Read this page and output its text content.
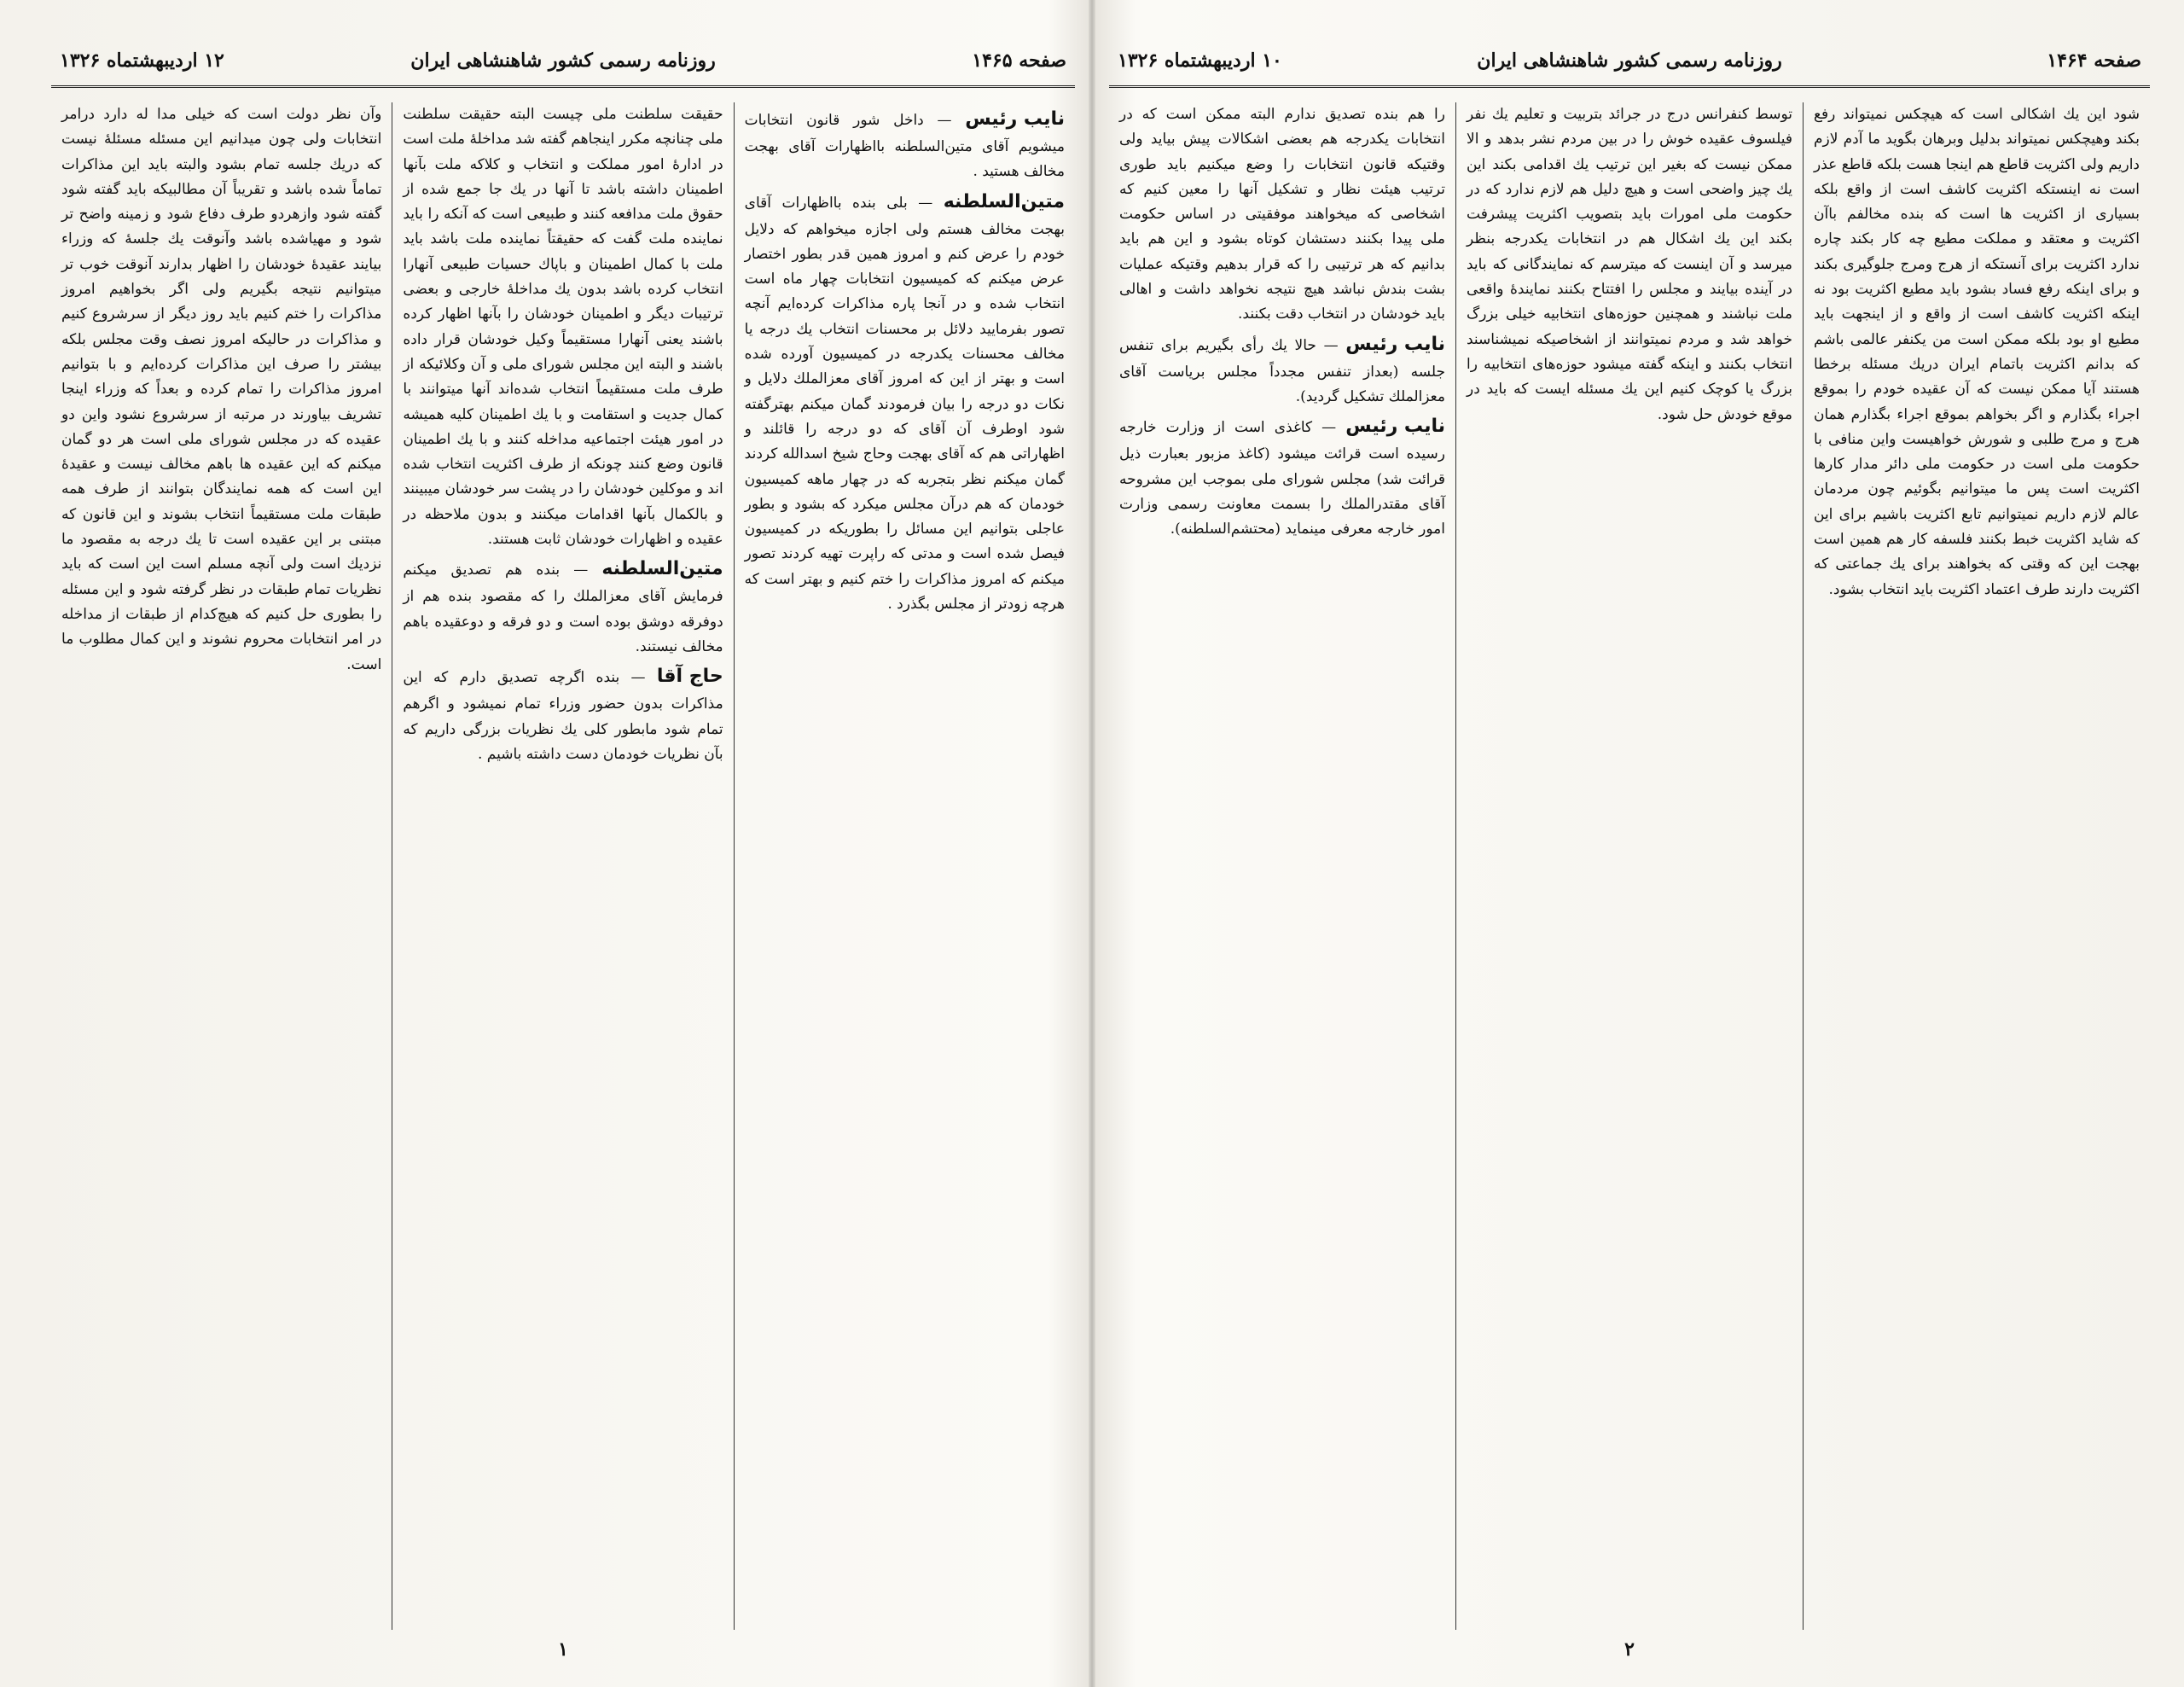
صفحه ۱۴۶۵
روزنامه رسمی کشور شاهنشاهی ایران
۱۲ اردیبهشتماه ۱۳۲۶

نایب رئیس — داخل شور قانون انتخابات میشویم آقای متین‌السلطنه بااظهارات آقای بهجت مخالف هستید .

متین‌السلطنه — بلی بنده بااظهارات آقای بهجت مخالف هستم ولی اجازه میخواهم که دلایل خودم را عرض کنم و امروز همین قدر بطور اختصار عرض میکنم که کمیسیون انتخابات چهار ماه است انتخاب شده و در آنجا پاره مذاکرات کرده‌ایم آنچه تصور بفرمایید دلائل بر محسنات انتخاب یك درجه یا مخالف محسنات یکدرجه در کمیسیون آورده شده است و بهتر از این که امروز آقای معزالملك دلایل و نکات دو درجه را بیان فرمودند گمان میکنم بهترگفته شود اوطرف آن آقای که دو درجه را قائلند و اظهاراتی هم که آقای بهجت وحاج شیخ اسدالله کردند گمان میکنم نظر بتجربه که در چهار ماهه کمیسیون خودمان که هم درآن مجلس میکرد که بشود و بطور عاجلی بتوانیم این مسائل را بطوریکه در کمیسیون فیصل شده است و مدتی که راپرت تهیه کردند تصور میکنم که امروز مذاکرات را ختم کنیم و بهتر است که هرچه زودتر از مجلس بگذرد .

حقیقت سلطنت ملی چیست البته حقیقت سلطنت ملی چنانچه مکرر اینجاهم گفته شد مداخلهٔ ملت است در ادارهٔ امور مملکت و انتخاب و کلاکه ملت بآنها اطمینان داشته باشد تا آنها در یك جا جمع شده از حقوق ملت مدافعه کنند و طبیعی است که آنکه را باید نماینده ملت گفت که حقیقتاً نماینده ملت باشد باید ملت با کمال اطمینان و باپاك حسیات طبیعی آنهارا انتخاب کرده باشد بدون یك مداخلهٔ خارجی و بعضی ترتیبات دیگر و اطمینان خودشان را بآنها اظهار کرده باشند یعنی آنهارا مستقیماً وکیل خودشان قرار داده باشند و البته این مجلس شورای ملی و آن وکلائیکه از طرف ملت مستقیماً انتخاب شده‌اند آنها میتوانند با کمال جدیت و استقامت و با یك اطمینان کلیه همیشه در امور هیئت اجتماعیه مداخله کنند و با یك اطمینان قانون وضع کنند چونکه از طرف اکثریت انتخاب شده اند و موکلین خودشان را در پشت سر خودشان میبینند و بالکمال بآنها اقدامات میکنند و بدون ملاحظه در عقیده و اظهارات خودشان ثابت هستند.

متین‌السلطنه — بنده‌ هم تصدیق میکنم فرمایش آقای معزالملك را که مقصود بنده هم از دوفرقه دوشق بوده است و دو فرقه و دوعقیده باهم مخالف نیستند.

حاج آقا — بنده اگرچه تصدیق دارم که این مذاکرات بدون حضور وزراء تمام نمیشود و اگرهم تمام شود مابطور کلی یك نظریات بزرگی داریم که بآن نظریات خودمان دست داشته باشیم .

وآن نظر دولت است که خیلی مدا له دارد درامر انتخابات ولی چون میدانیم این مسئله مسئلهٔ نیست که دریك جلسه تمام بشود والبته باید این مذاکرات تماماً شده باشد و تقریباً آن مطالبیکه باید گفته شود گفته شود وازهردو طرف دفاع شود و زمینه واضح تر شود و مهیاشده باشد وآنوقت یك جلسهٔ که وزراء بیایند عقیدهٔ خودشان را اظهار بدارند آنوقت خوب تر میتوانیم نتیجه بگیریم ولی اگر بخواهیم امروز مذاکرات را ختم کنیم باید روز دیگر از سرشروع کنیم و مذاکرات در حالیکه امروز نصف وقت مجلس بلکه بیشتر را صرف این مذاکرات کرده‌ایم و با بتوانیم امروز مذاکرات را تمام کرده و بعداً که وزراء اینجا تشریف بیاورند در مرتبه از سرشروع نشود واین دو عقیده که در مجلس شورای ملی است هر دو گمان میکنم که این عقیده ها باهم مخالف نیست و عقیدهٔ این است که همه نمایندگان بتوانند از طرف همه طبقات ملت مستقیماً انتخاب بشوند و این قانون که مبتنی بر این عقیده است تا یك درجه به مقصود ما نزدیك است ولی آنچه مسلم است این است که باید نظریات تمام طبقات در نظر گرفته شود و این مسئله را بطوری حل کنیم که هیچ‌کدام از طبقات از مداخله در امر انتخابات محروم نشوند و این کمال مطلوب ما است.

۱
صفحه ۱۴۶۴
روزنامه رسمی کشور شاهنشاهی ایران
۱۰ اردیبهشتماه ۱۳۲۶

شود این یك اشکالی است که هیچکس نمیتواند رفع بکند وهیچکس نمیتواند بدلیل وبرهان بگوید ما آدم لازم داریم ولی اکثریت قاطع هم اینجا هست بلکه قاطع عذر است نه اینستکه اکثریت کاشف است از واقع بلکه بسیاری از اکثریت ها است که بنده مخالفم باآن اکثریت و معتقد و مملکت مطیع چه کار بکند چاره ندارد اکثریت برای آنستکه از هرج ومرج جلوگیری بکند و برای اینکه رفع فساد بشود باید مطیع اکثریت بود نه اینکه اکثریت کاشف است از واقع و از اینجهت باید مطیع او بود بلکه ممکن است من یکنفر عالمی باشم که بدانم اکثریت باتمام ایران دریك مسئله برخطا هستند آیا ممکن نیست که آن عقیده خودم را بموقع اجراء بگذارم و اگر بخواهم بموقع اجراء بگذارم همان هرج و مرج طلبی و شورش خواهیست واین منافی با حکومت ملی است در حکومت ملی دائر مدار کارها اکثریت است پس ما میتوانیم بگوئیم چون مردمان عالم لازم داریم نمیتوانیم تابع اکثریت باشیم برای این که شاید اکثریت خبط بکنند فلسفه کار هم همین است بهجت این که وقتی که بخواهند برای یك جماعتی که اکثریت دارند طرف اعتماد اکثریت باید انتخاب بشود.

توسط کنفرانس درج در جرائد بتربیت و تعلیم یك نفر فیلسوف عقیده خوش را در بین مردم نشر بدهد و الا ممکن نیست که بغیر این ترتیب یك اقدامی بکند این یك چیز واضحی است و هیچ دلیل هم لازم ندارد که در حکومت ملی امورات باید بتصویب اکثریت پیشرفت بکند این یك اشکال هم در انتخابات یکدرجه بنظر میرسد و آن اینست که میترسم که نمایندگانی که باید در آینده بیایند و مجلس را افتتاح بکنند نمایندهٔ واقعی ملت نباشند و همچنین حوزه‌های انتخابیه خیلی بزرگ خواهد شد و مردم نمیتوانند از اشخاصیکه نمیشناسند انتخاب بکنند و اینکه گفته میشود حوزه‌های انتخابیه را بزرگ یا کوچک کنیم این یك مسئله ایست که باید در موقع خودش حل شود.

را هم بنده تصدیق ندارم البته ممکن است که در انتخابات یکدرجه هم بعضی اشکالات پیش بیاید ولی وقتیکه قانون انتخابات را وضع میکنیم باید طوری ترتیب هیئت نظار و تشکیل آنها را معین کنیم که اشخاصی که میخواهند موفقیتی در اساس حکومت ملی پیدا بکنند دستشان کوتاه بشود و این هم باید بدانیم که هر ترتیبی را که قرار بدهیم وقتیکه عملیات بشت بندش نباشد هیچ نتیجه نخواهد داشت و اهالی باید خودشان در انتخاب دقت بکنند.

نایب رئیس — حالا یك رأی بگیریم برای تنفس جلسه (بعداز تنفس مجدداً مجلس بریاست آقای معزالملك تشکیل گردید).

نایب رئیس — کاغذی است از وزارت خارجه رسیده است قرائت میشود (کاغذ مزبور بعبارت ذیل قرائت شد) مجلس شورای ملی بموجب این مشروحه آقای مقتدرالملك را بسمت معاونت رسمی وزارت امور خارجه معرفی مینماید (محتشم‌السلطنه).

۲
